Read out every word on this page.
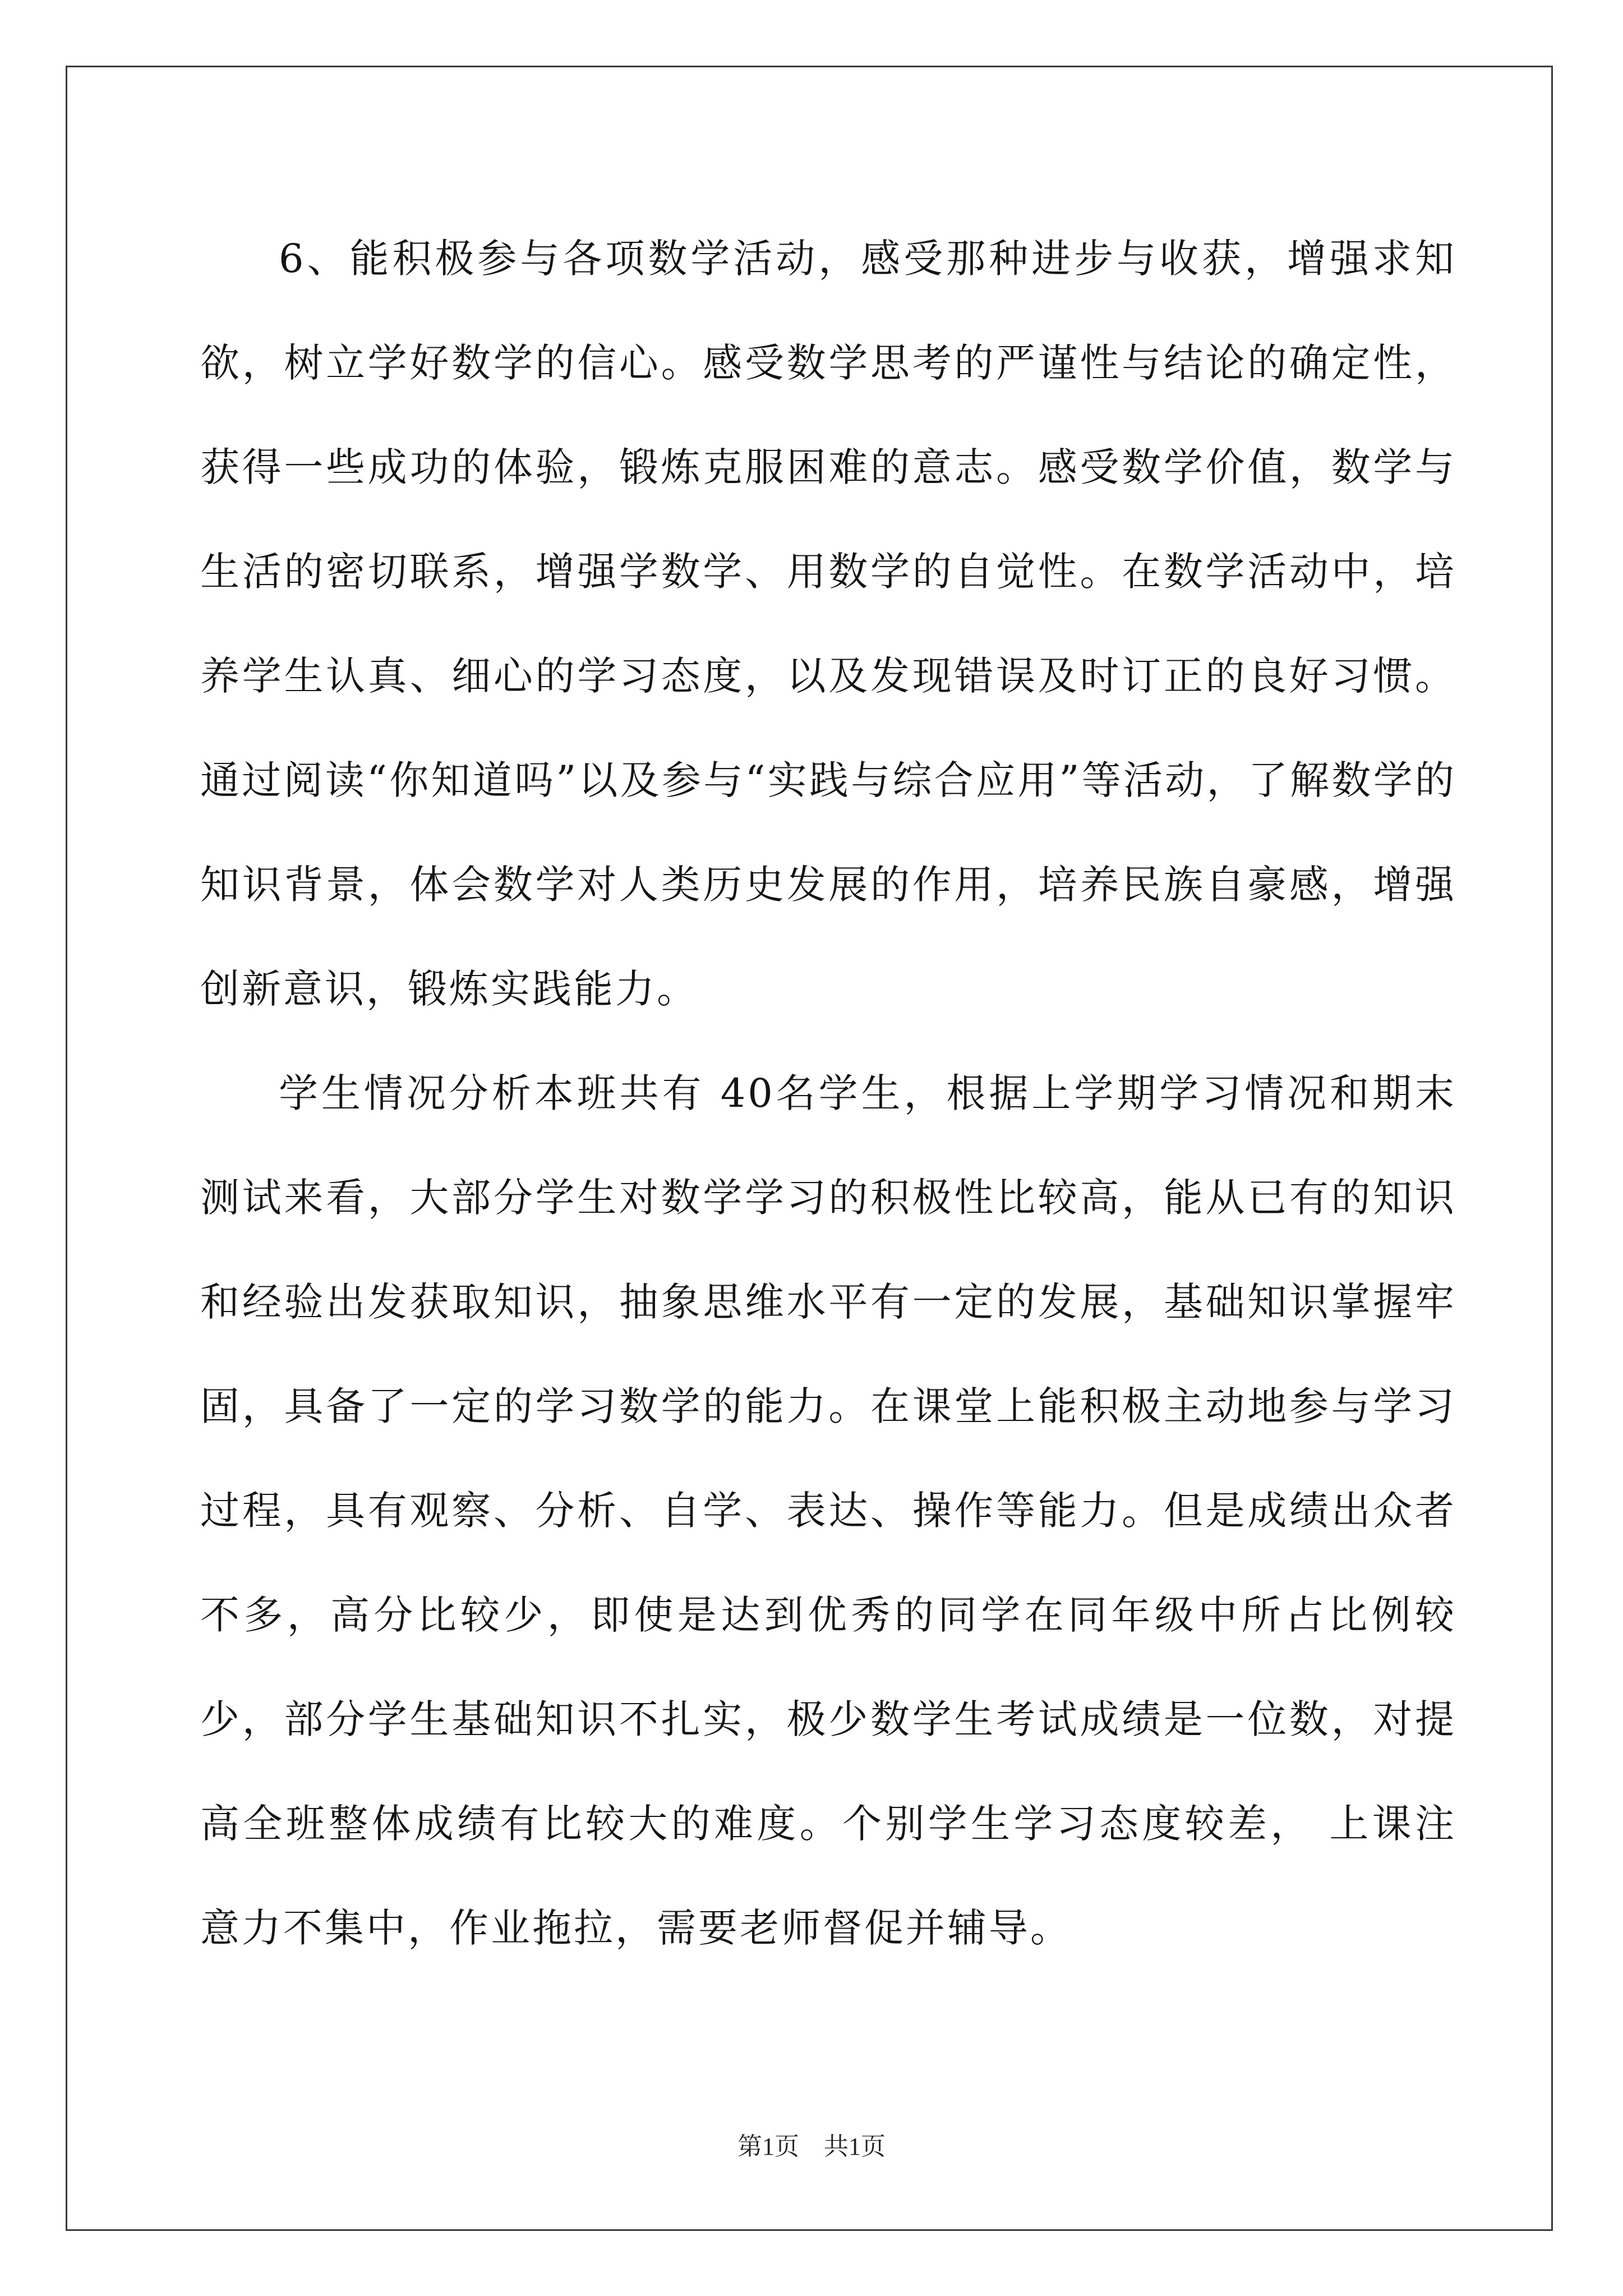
6、能积极参与各项数学活动，感受那种进步与收获，增强求知欲，树立学好数学的信心。感受数学思考的严谨性与结论的确定性，获得一些成功的体验，锻炼克服困难的意志。感受数学价值，数学与生活的密切联系，增强学数学、用数学的自觉性。在数学活动中，培养学生认真、细心的学习态度，以及发现错误及时订正的良好习惯。通过阅读“你知道吗”以及参与“实践与综合应用”等活动，了解数学的知识背景，体会数学对人类历史发展的作用，培养民族自豪感，增强创新意识，锻炼实践能力。

学生情况分析本班共有 40名学生，根据上学期学习情况和期末测试来看，大部分学生对数学学习的积极性比较高，能从已有的知识和经验出发获取知识，抽象思维水平有一定的发展，基础知识掌握牢固，具备了一定的学习数学的能力。在课堂上能积极主动地参与学习过程，具有观察、分析、自学、表达、操作等能力。但是成绩出众者不多，高分比较少，即使是达到优秀的同学在同年级中所占比例较少，部分学生基础知识不扎实，极少数学生考试成绩是一位数，对提高全班整体成绩有比较大的难度。个别学生学习态度较差， 上课注意力不集中，作业拖拉，需要老师督促并辅导。

第1页　共1页
